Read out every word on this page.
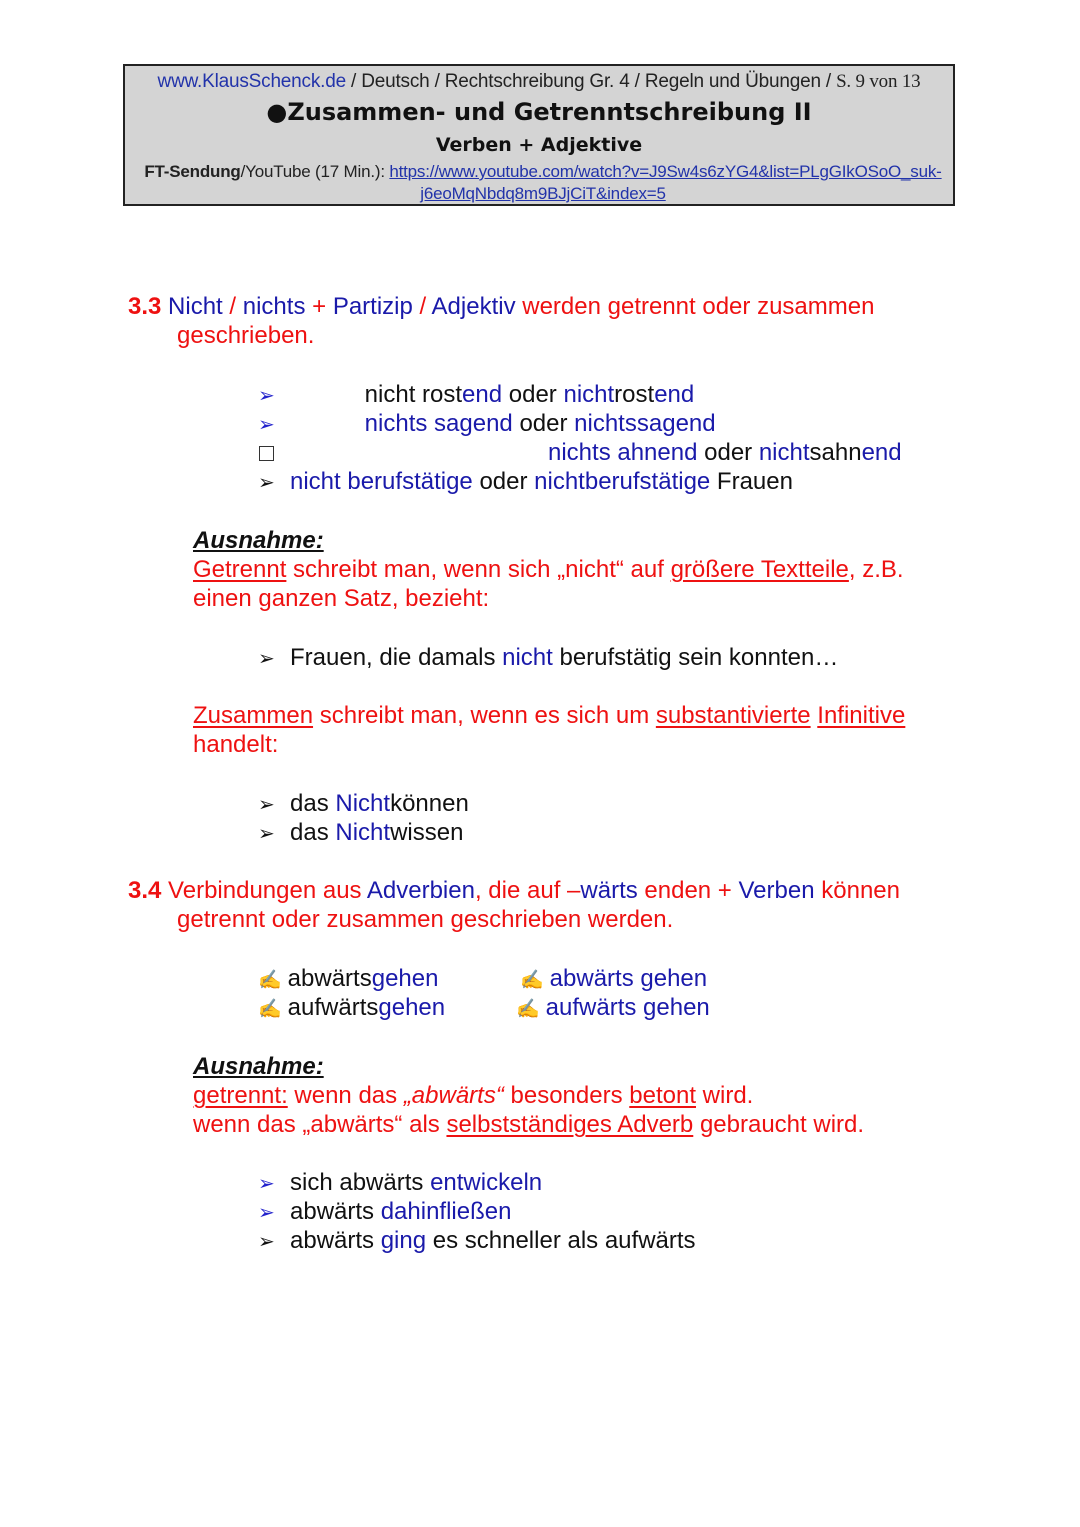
www.KlausSchenck.de / Deutsch / Rechtschreibung Gr. 4 / Regeln und Übungen / S. 9 von 13
●Zusammen- und Getrenntschreibung II
Verben + Adjektive
FT-Sendung/YouTube (17 Min.): https://www.youtube.com/watch?v=J9Sw4s6zYG4&list=PLgGIkOSoO_suk-
j6eoMqNbdq8m9BJjCiT&index=5
3.3 Nicht / nichts + Partizip / Adjektiv werden getrennt oder zusammen
geschrieben.
➢	nicht rostend oder nichtrostend
➢	nichts sagend oder nichtssagend
nichts ahnend oder nichtsahnend
➢ nicht berufstätige oder nichtberufstätige Frauen
Ausnahme:
Getrennt schreibt man, wenn sich „nicht“ auf größere Textteile, z.B.
einen ganzen Satz, bezieht:
➢ Frauen, die damals nicht berufstätig sein konnten…
Zusammen schreibt man, wenn es sich um substantivierte Infinitive
handelt:
➢ das Nichtkönnen
➢ das Nichtwissen
3.4 Verbindungen aus Adverbien, die auf –wärts enden + Verben können
getrennt oder zusammen geschrieben werden.
✍ abwärtsgehen
✍ aufwärtsgehen
✍ abwärts gehen
✍ aufwärts gehen
Ausnahme:
getrennt: wenn das „abwärts“ besonders betont wird.
wenn das „abwärts“ als selbstständiges Adverb gebraucht wird.
➢ sich abwärts entwickeln
➢ abwärts dahinfließen
➢ abwärts ging es schneller als aufwärts
